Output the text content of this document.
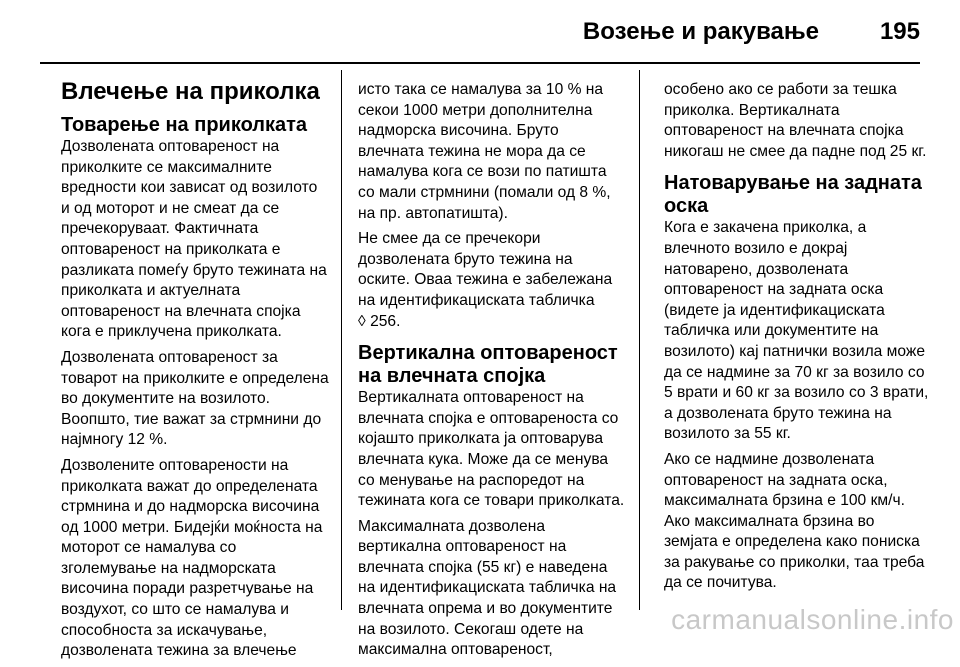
Возење и ракување	195
Влечење на приколка
Товарење на приколката

Дозволената оптовареност на приколките се максималните вредности кои зависат од возилото и од моторот и не смеат да се пречекоруваат. Фактичната оптовареност на приколката е разликата помеѓу бруто тежината на приколката и актуелната оптовареност на влечната спојка кога е приклучена приколката.

Дозволената оптовареност за товарот на приколките е определена во документите на возилото. Воопшто, тие важат за стрмнини до најмногу 12 %.

Дозволените оптоварености на приколката важат до определената стрмнина и до надморска височина од 1000 метри. Бидејќи моќноста на моторот се намалува со зголемување на надморската височина поради разретчување на воздухот, со што се намалува и способноста за искачување, дозволената тежина за влечење

исто така се намалува за 10 % на секои 1000 метри дополнителна надморска височина. Бруто влечната тежина не мора да се намалува кога се вози по патишта со мали стрмнини (помали од 8 %, на пр. автопатишта).

Не смее да се пречекори дозволената бруто тежина на оските. Оваа тежина е забележана на идентификациската табличка
◊ 256.

Вертикална оптовареност на влечната спојка

Вертикалната оптовареност на влечната спојка е оптовареноста со којашто приколката ја оптоварува влечната кука. Може да се менува со менување на распоредот на тежината кога се товари приколката.

Максималната дозволена вертикална оптовареност на влечната спојка (55 кг) е наведена на идентификациската табличка на влечната опрема и во документите на возилото. Секогаш одете на максимална оптовареност,

особено ако се работи за тешка приколка. Вертикалната оптовареност на влечната спојка никогаш не смее да падне под 25 кг.

Натоварување на задната оска

Кога е закачена приколка, а влечното возило е докрај натоварено, дозволената оптовареност на задната оска (видете ја идентификациската табличка или документите на возилото) кај патнички возила може да се надмине за 70 кг за возило со 5 врати и 60 кг за возило со 3 врати, а дозволената бруто тежина на возилото за 55 кг.

Ако се надмине дозволената оптовареност на задната оска, максималната брзина е 100 км/ч. Ако максималната брзина во земјата е определена како пониска за ракување со приколки, таа треба да се почитува.

carmanualsonline.info
